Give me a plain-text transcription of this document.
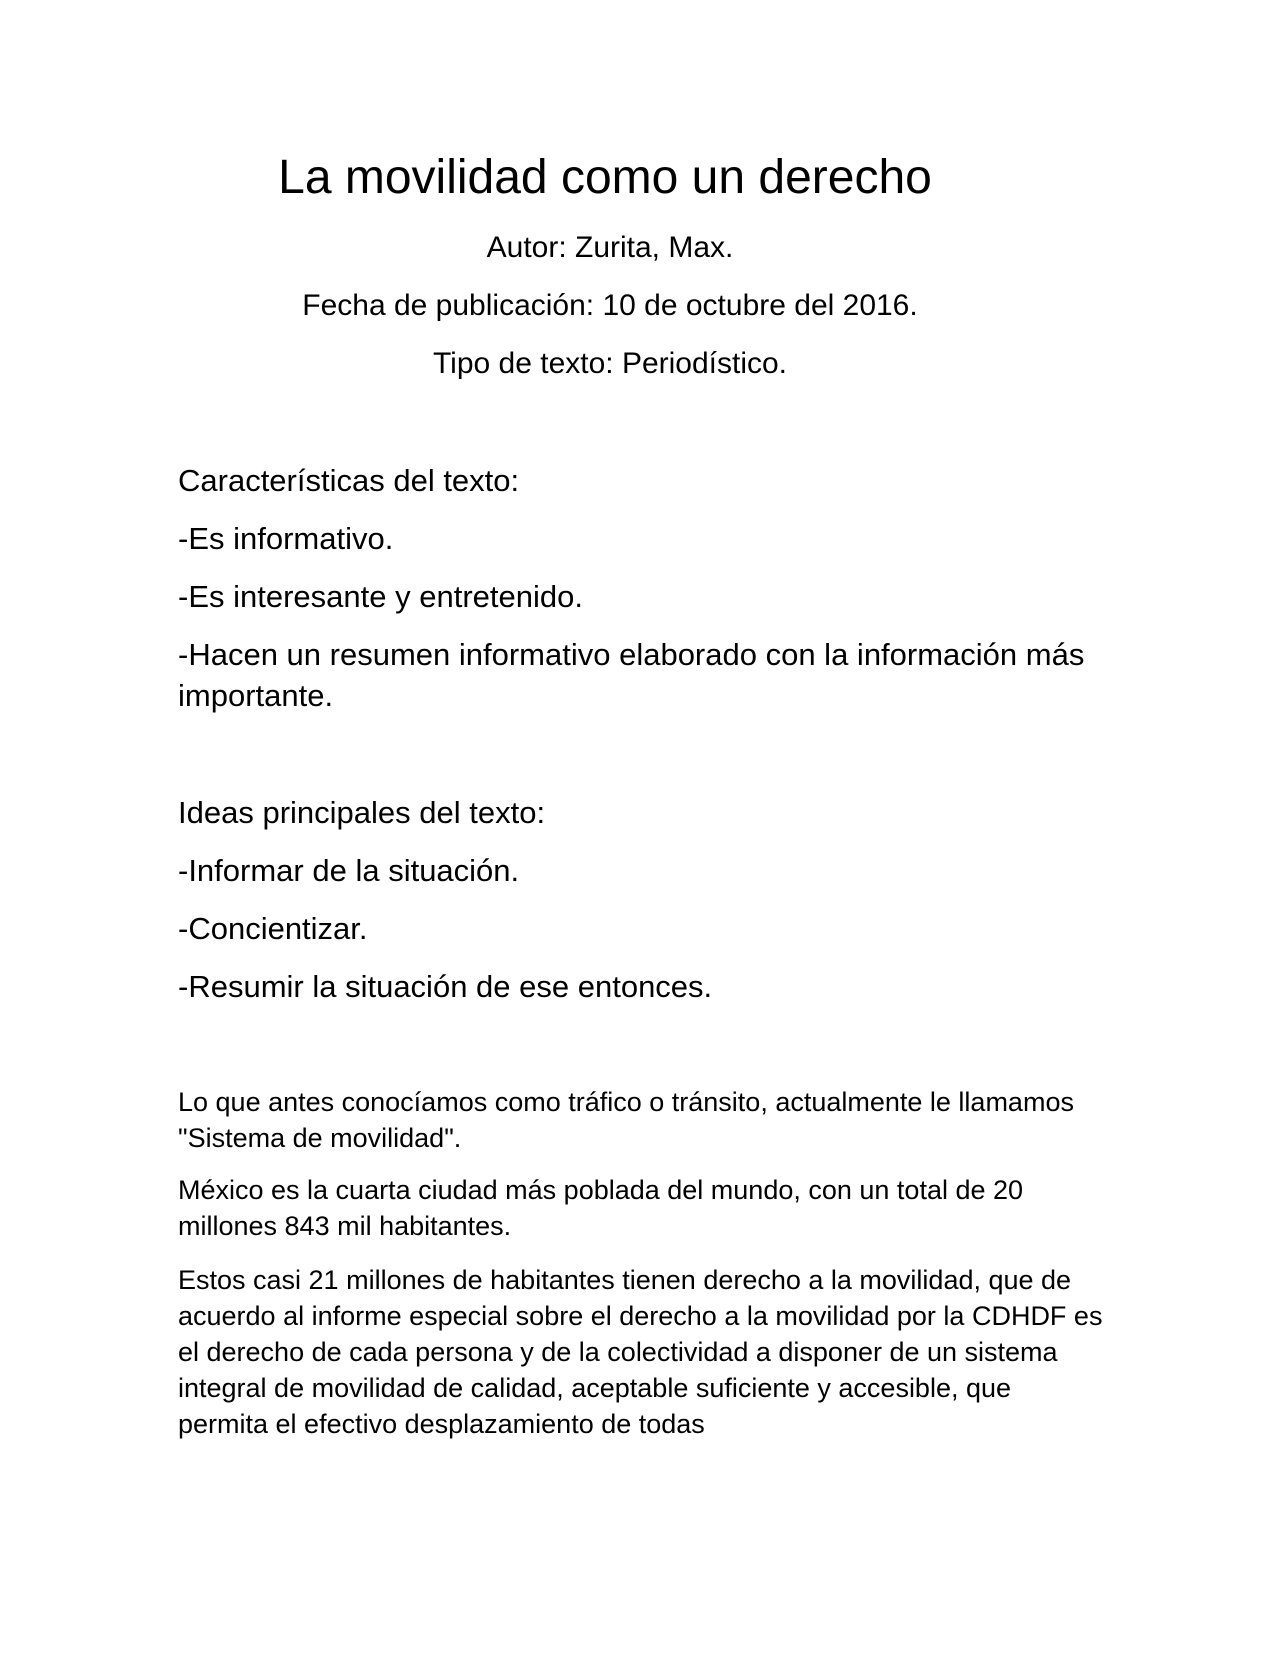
La movilidad como un derecho

Autor: Zurita, Max.

Fecha de publicación: 10 de octubre del 2016.

Tipo de texto: Periodístico.

Características del texto:

-Es informativo.

-Es interesante y entretenido.

-Hacen un resumen informativo elaborado con la información más importante.

Ideas principales del texto:

-Informar de la situación.

-Concientizar.

-Resumir la situación de ese entonces.

Lo que antes conocíamos como tráfico o tránsito, actualmente le llamamos "Sistema de movilidad".

México es la cuarta ciudad más poblada del mundo, con un total de 20 millones 843 mil habitantes.

Estos casi 21 millones de habitantes tienen derecho a la movilidad, que de acuerdo al informe especial sobre el derecho a la movilidad por la CDHDF es el derecho de cada persona y de la colectividad a disponer de un sistema integral de movilidad de calidad, aceptable suficiente y accesible, que permita el efectivo desplazamiento de todas
